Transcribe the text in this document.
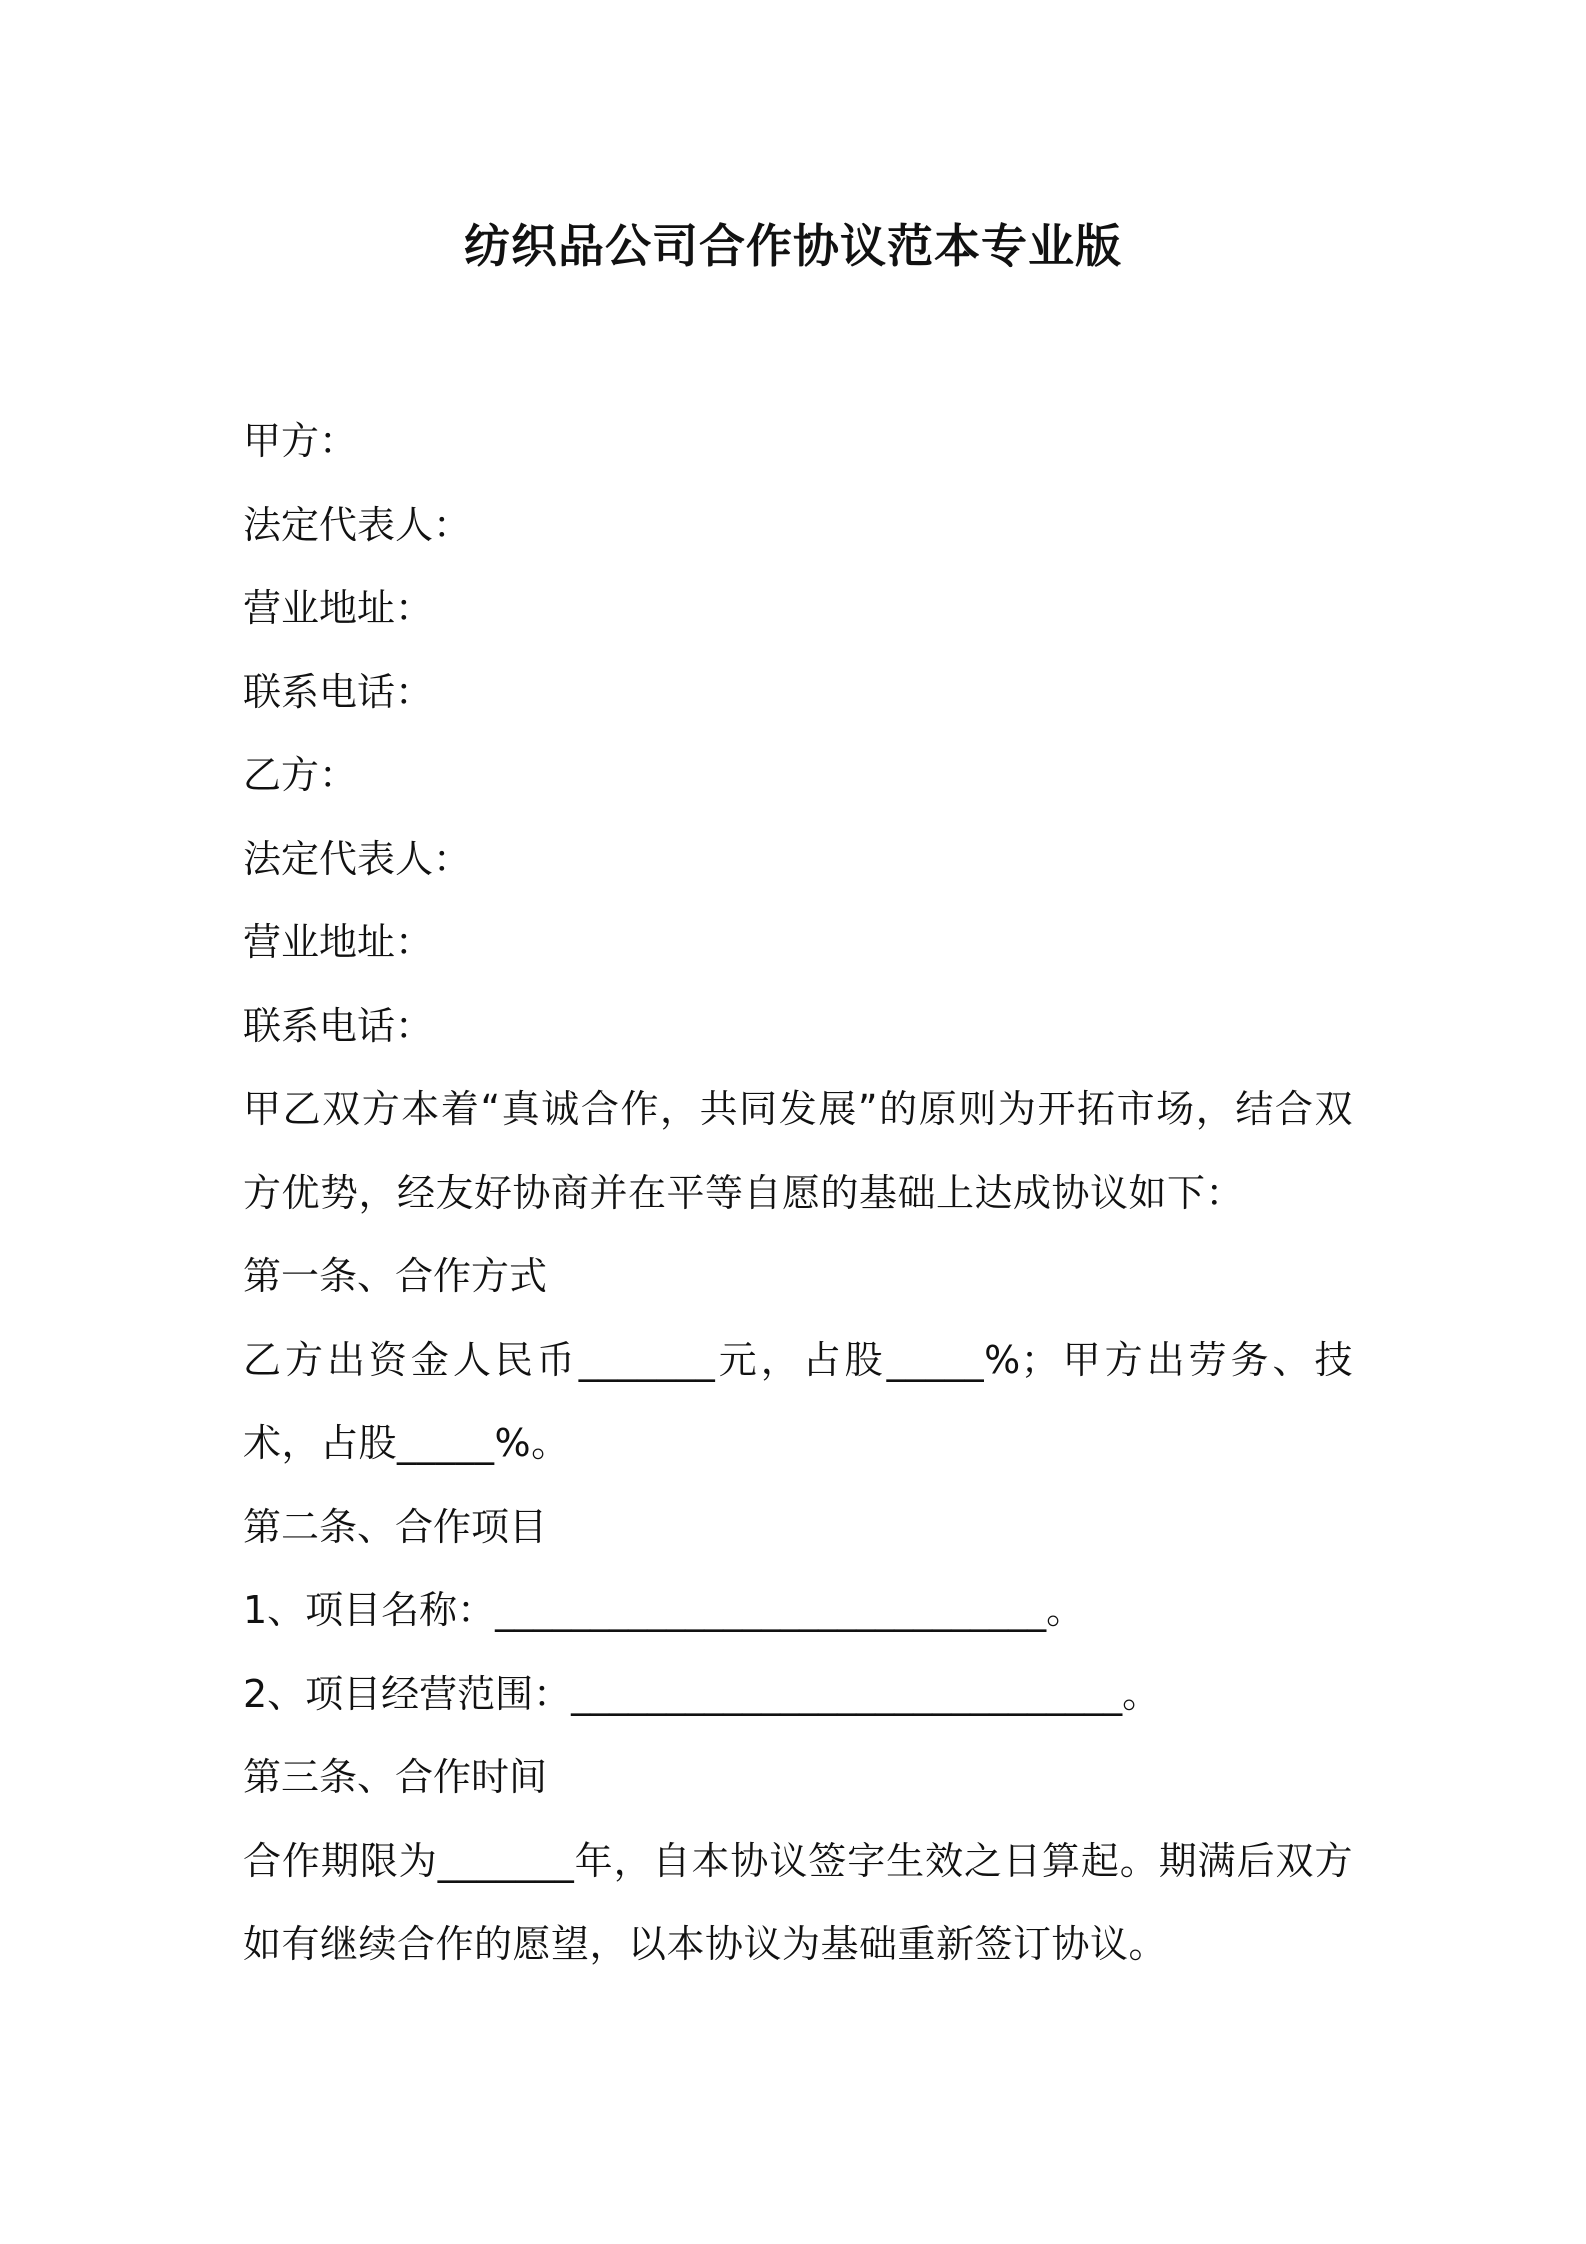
纺织品公司合作协议范本专业版
甲方：
法定代表人：
营业地址：
联系电话：
乙方：
法定代表人：
营业地址：
联系电话：
甲乙双方本着“真诚合作，共同发展”的原则为开拓市场，结合双方优势，经友好协商并在平等自愿的基础上达成协议如下：
第一条、合作方式
乙方出资金人民币_______元，占股_____%；甲方出劳务、技术，占股_____%。
第二条、合作项目
1、项目名称：_____________________________。
2、项目经营范围：_____________________________。
第三条、合作时间
合作期限为_______年，自本协议签字生效之日算起。期满后双方如有继续合作的愿望，以本协议为基础重新签订协议。
